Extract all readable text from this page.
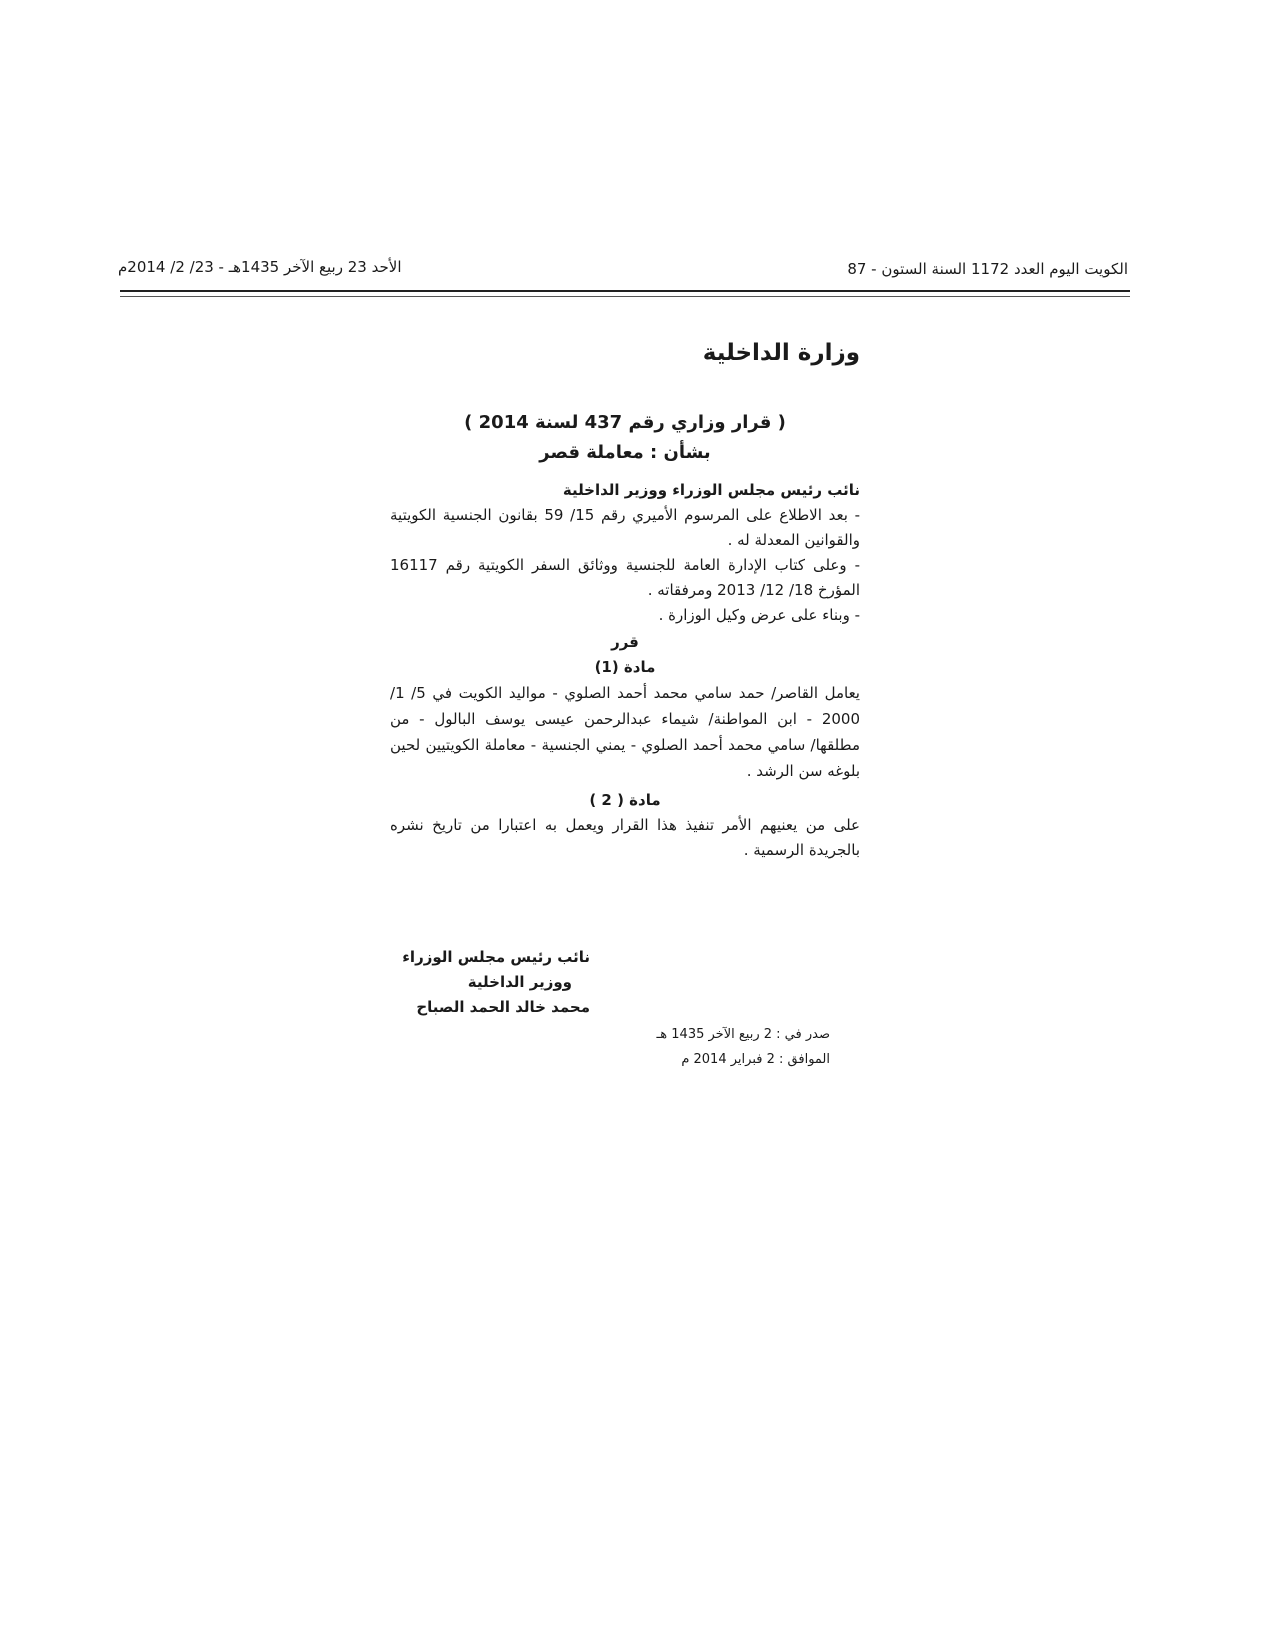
الكويت اليوم العدد 1172 السنة الستون - 87
الأحد 23 ربيع الآخر 1435هـ - 23/ 2/ 2014م
وزارة الداخلية
( قرار وزاري رقم 437 لسنة 2014 )
بشأن : معاملة قصر
نائب رئيس مجلس الوزراء ووزير الداخلية
- بعد الاطلاع على المرسوم الأميري رقم 15/ 59 بقانون الجنسية الكويتية والقوانين المعدلة له .
- وعلى كتاب الإدارة العامة للجنسية ووثائق السفر الكويتية رقم 16117 المؤرخ 18/ 12/ 2013 ومرفقاته .
- وبناء على عرض وكيل الوزارة .
قرر
مادة (1)
يعامل القاصر/ حمد سامي محمد أحمد الصلوي - مواليد الكويت في 5/ 1/ 2000 - ابن المواطنة/ شيماء عبدالرحمن عيسى يوسف البالول - من مطلقها/ سامي محمد أحمد الصلوي - يمني الجنسية - معاملة الكويتيين لحين بلوغه سن الرشد .
مادة ( 2 )
على من يعنيهم الأمر تنفيذ هذا القرار ويعمل به اعتبارا من تاريخ نشره بالجريدة الرسمية .
نائب رئيس مجلس الوزراء
ووزير الداخلية
محمد خالد الحمد الصباح
صدر في : 2 ربيع الآخر 1435 هـ
الموافق : 2 فبراير 2014 م
